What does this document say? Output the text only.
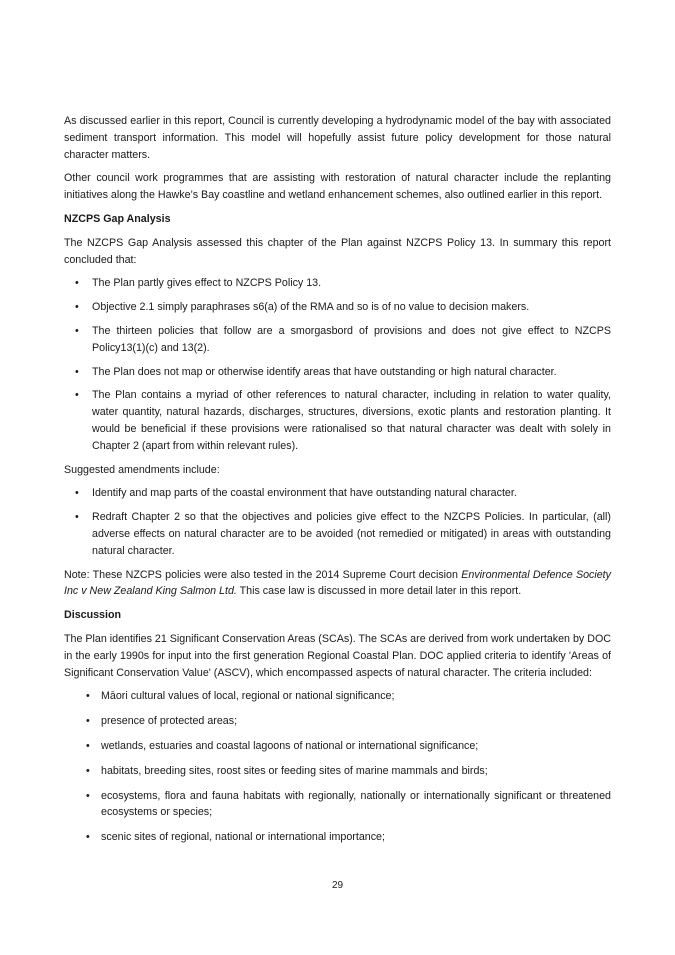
As discussed earlier in this report, Council is currently developing a hydrodynamic model of the bay with associated sediment transport information. This model will hopefully assist future policy development for those natural character matters.

Other council work programmes that are assisting with restoration of natural character include the replanting initiatives along the Hawke’s Bay coastline and wetland enhancement schemes, also outlined earlier in this report.

NZCPS Gap Analysis

The NZCPS Gap Analysis assessed this chapter of the Plan against NZCPS Policy 13. In summary this report concluded that:

• The Plan partly gives effect to NZCPS Policy 13.
• Objective 2.1 simply paraphrases s6(a) of the RMA and so is of no value to decision makers.
• The thirteen policies that follow are a smorgasbord of provisions and does not give effect to NZCPS Policy13(1)(c) and 13(2).
• The Plan does not map or otherwise identify areas that have outstanding or high natural character.
• The Plan contains a myriad of other references to natural character, including in relation to water quality, water quantity, natural hazards, discharges, structures, diversions, exotic plants and restoration planting. It would be beneficial if these provisions were rationalised so that natural character was dealt with solely in Chapter 2 (apart from within relevant rules).

Suggested amendments include:

• Identify and map parts of the coastal environment that have outstanding natural character.
• Redraft Chapter 2 so that the objectives and policies give effect to the NZCPS Policies. In particular, (all) adverse effects on natural character are to be avoided (not remedied or mitigated) in areas with outstanding natural character.

Note: These NZCPS policies were also tested in the 2014 Supreme Court decision Environmental Defence Society Inc v New Zealand King Salmon Ltd. This case law is discussed in more detail later in this report.

Discussion

The Plan identifies 21 Significant Conservation Areas (SCAs). The SCAs are derived from work undertaken by DOC in the early 1990s for input into the first generation Regional Coastal Plan. DOC applied criteria to identify 'Areas of Significant Conservation Value' (ASCV), which encompassed aspects of natural character. The criteria included:

• Māori cultural values of local, regional or national significance;
• presence of protected areas;
• wetlands, estuaries and coastal lagoons of national or international significance;
• habitats, breeding sites, roost sites or feeding sites of marine mammals and birds;
• ecosystems, flora and fauna habitats with regionally, nationally or internationally significant or threatened ecosystems or species;
• scenic sites of regional, national or international importance;
29
